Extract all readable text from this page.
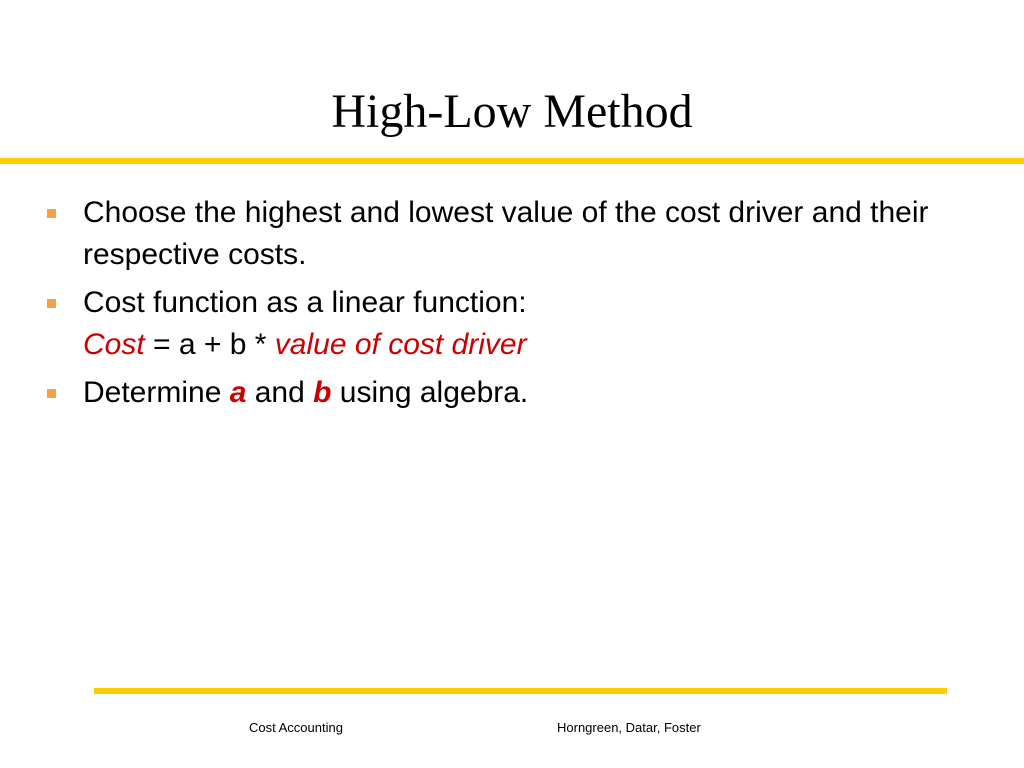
High-Low Method
Choose the highest and lowest value of the cost driver and their respective costs.
Cost function as a linear function:
Cost = a + b * value of cost driver
Determine a and b using algebra.
Cost Accounting	Horngreen, Datar, Foster
